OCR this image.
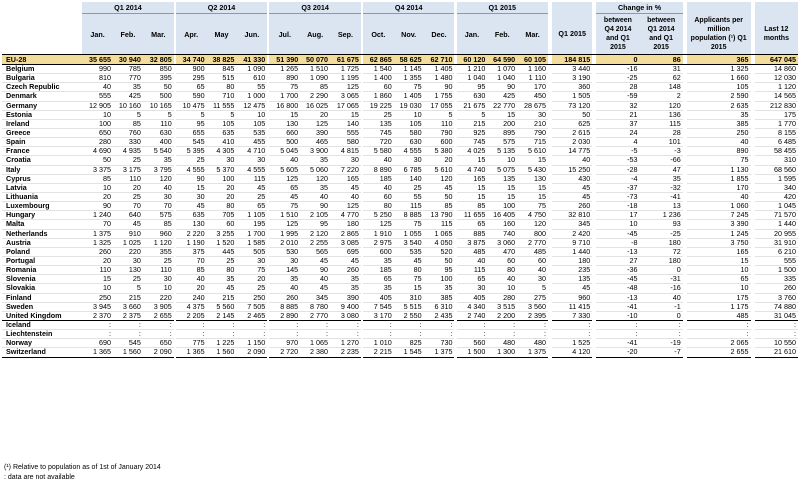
	Q1 2014				Q2 2014				Q3 2014				Q4 2014				Q1 2015						Change in %					
	Jan.	Feb.	Mar.		Apr.	May	Jun.		Jul.	Aug.	Sep.		Oct.	Nov.	Dec.		Jan.	Feb.	Mar.		Q1 2015		between Q4 2014 and Q1 2015	between Q1 2014 and Q1 2015		Applicants per million population (¹) Q1 2015		Last 12 months
EU-28	35 655	30 940	32 805		34 740	38 825	41 330		51 390	50 070	61 675		62 865	58 625	62 710		60 120	64 590	60 105		184 815		0	86		365		647 045
Belgium	990	785	850		900	845	1 090		1 265	1 510	1 725		1 540	1 145	1 405		1 210	1 070	1 160		3 440		-16	31		1 325		14 860
Bulgaria	810	770	395		295	515	610		890	1 090	1 195		1 400	1 355	1 480		1 040	1 040	1 110		3 190		-25	62		1 660		12 030
Czech Republic	40	35	50		65	80	55		75	85	125		60	75	90		95	90	170		360		28	148		105		1 120
Denmark	555	425	500		590	710	1 000		1 700	2 290	3 065		1 860	1 405	1 755		630	425	450		1 505		-59	2		2 590		14 565
Germany	12 905	10 160	10 165		10 475	11 555	12 475		16 800	16 025	17 065		19 225	19 030	17 055		21 675	22 770	28 675		73 120		32	120		2 635		212 830
Estonia	10	5	5		5	5	10		15	20	15		25	10	5		5	15	30		50		21	136		35		175
Ireland	100	85	110		95	105	105		130	125	140		135	105	110		215	200	210		625		37	115		385		1 770
Greece	650	760	630		655	635	535		660	390	555		745	580	790		925	895	790		2 615		24	28		250		8 155
Spain	280	330	400		545	410	455		500	465	580		720	630	600		745	575	715		2 030		4	101		40		6 485
France	4 690	4 935	5 540		5 395	4 305	4 710		5 045	3 900	4 815		5 580	4 555	5 380		4 025	5 135	5 610		14 775		-5	-3		890		58 455
Croatia	50	25	35		25	30	30		40	35	30		40	30	20		15	10	15		40		-53	-66		75		310
Italy	3 375	3 175	3 795		4 555	5 370	4 555		5 605	5 060	7 220		8 890	6 785	5 610		4 740	5 075	5 430		15 250		-28	47		1 130		68 560
Cyprus	85	110	120		90	100	115		125	120	165		185	140	120		165	135	130		430		-4	35		1 855		1 595
Latvia	10	20	40		15	20	45		65	35	45		40	25	45		15	15	15		45		-37	-32		170		340
Lithuania	20	25	30		30	20	25		45	40	40		60	55	50		15	15	15		45		-73	-41		40		420
Luxembourg	90	70	70		45	80	65		75	90	125		80	115	85		85	100	75		260		-18	13		1 060		1 045
Hungary	1 240	640	575		635	705	1 105		1 510	2 105	4 770		5 250	8 885	13 790		11 655	16 405	4 750		32 810		17	1 236		7 245		71 570
Malta	70	45	85		130	60	195		125	95	180		125	75	115		65	160	120		345		10	93		3 390		1 440
Netherlands	1 375	910	960		2 220	3 255	1 700		1 995	2 120	2 865		1 910	1 055	1 065		885	740	800		2 420		-45	-25		1 245		20 955
Austria	1 325	1 025	1 120		1 190	1 520	1 585		2 010	2 255	3 085		2 975	3 540	4 050		3 875	3 060	2 770		9 710		-8	180		3 750		31 910
Poland	260	220	355		375	445	505		530	565	695		600	535	520		485	470	485		1 440		-13	72		165		6 210
Portugal	20	30	25		70	25	30		30	45	45		35	45	50		40	60	60		180		27	180		15		555
Romania	110	130	110		85	80	75		145	90	260		185	80	95		115	80	40		235		-36	0		10		1 500
Slovenia	15	25	30		40	35	20		35	40	35		65	75	100		65	40	30		135		-45	-31		65		335
Slovakia	10	5	10		20	45	25		40	45	35		35	15	35		30	10	5		45		-48	-16		10		260
Finland	250	215	220		240	215	250		260	345	390		405	310	385		405	280	275		960		-13	40		175		3 760
Sweden	3 945	3 660	3 905		4 375	5 560	7 505		8 885	8 780	9 400		7 545	5 515	6 310		4 340	3 515	3 560		11 415		-41	-1		1 175		74 880
United Kingdom	2 370	2 375	2 655		2 205	2 145	2 465		2 890	2 770	3 080		3 170	2 550	2 435		2 740	2 200	2 395		7 330		-10	0		485		31 045
Iceland	:	:	:		:	:	:		:	:	:		:	:	:		:	:	:		:		:	:		:		:
Liechtenstein	:	:	:		:	:	:		:	:	:		:	:	:		:	:	:		:		:	:		:		:
Norway	690	545	650		775	1 225	1 150		970	1 065	1 270		1 010	825	730		560	480	480		1 525		-41	-19		2 065		10 550
Switzerland	1 365	1 560	2 090		1 365	1 560	2 090		2 720	2 380	2 235		2 215	1 545	1 375		1 500	1 300	1 375		4 120		-20	-7		2 655		21 610
(¹) Relative to population as of 1st of January 2014
: data are not available
